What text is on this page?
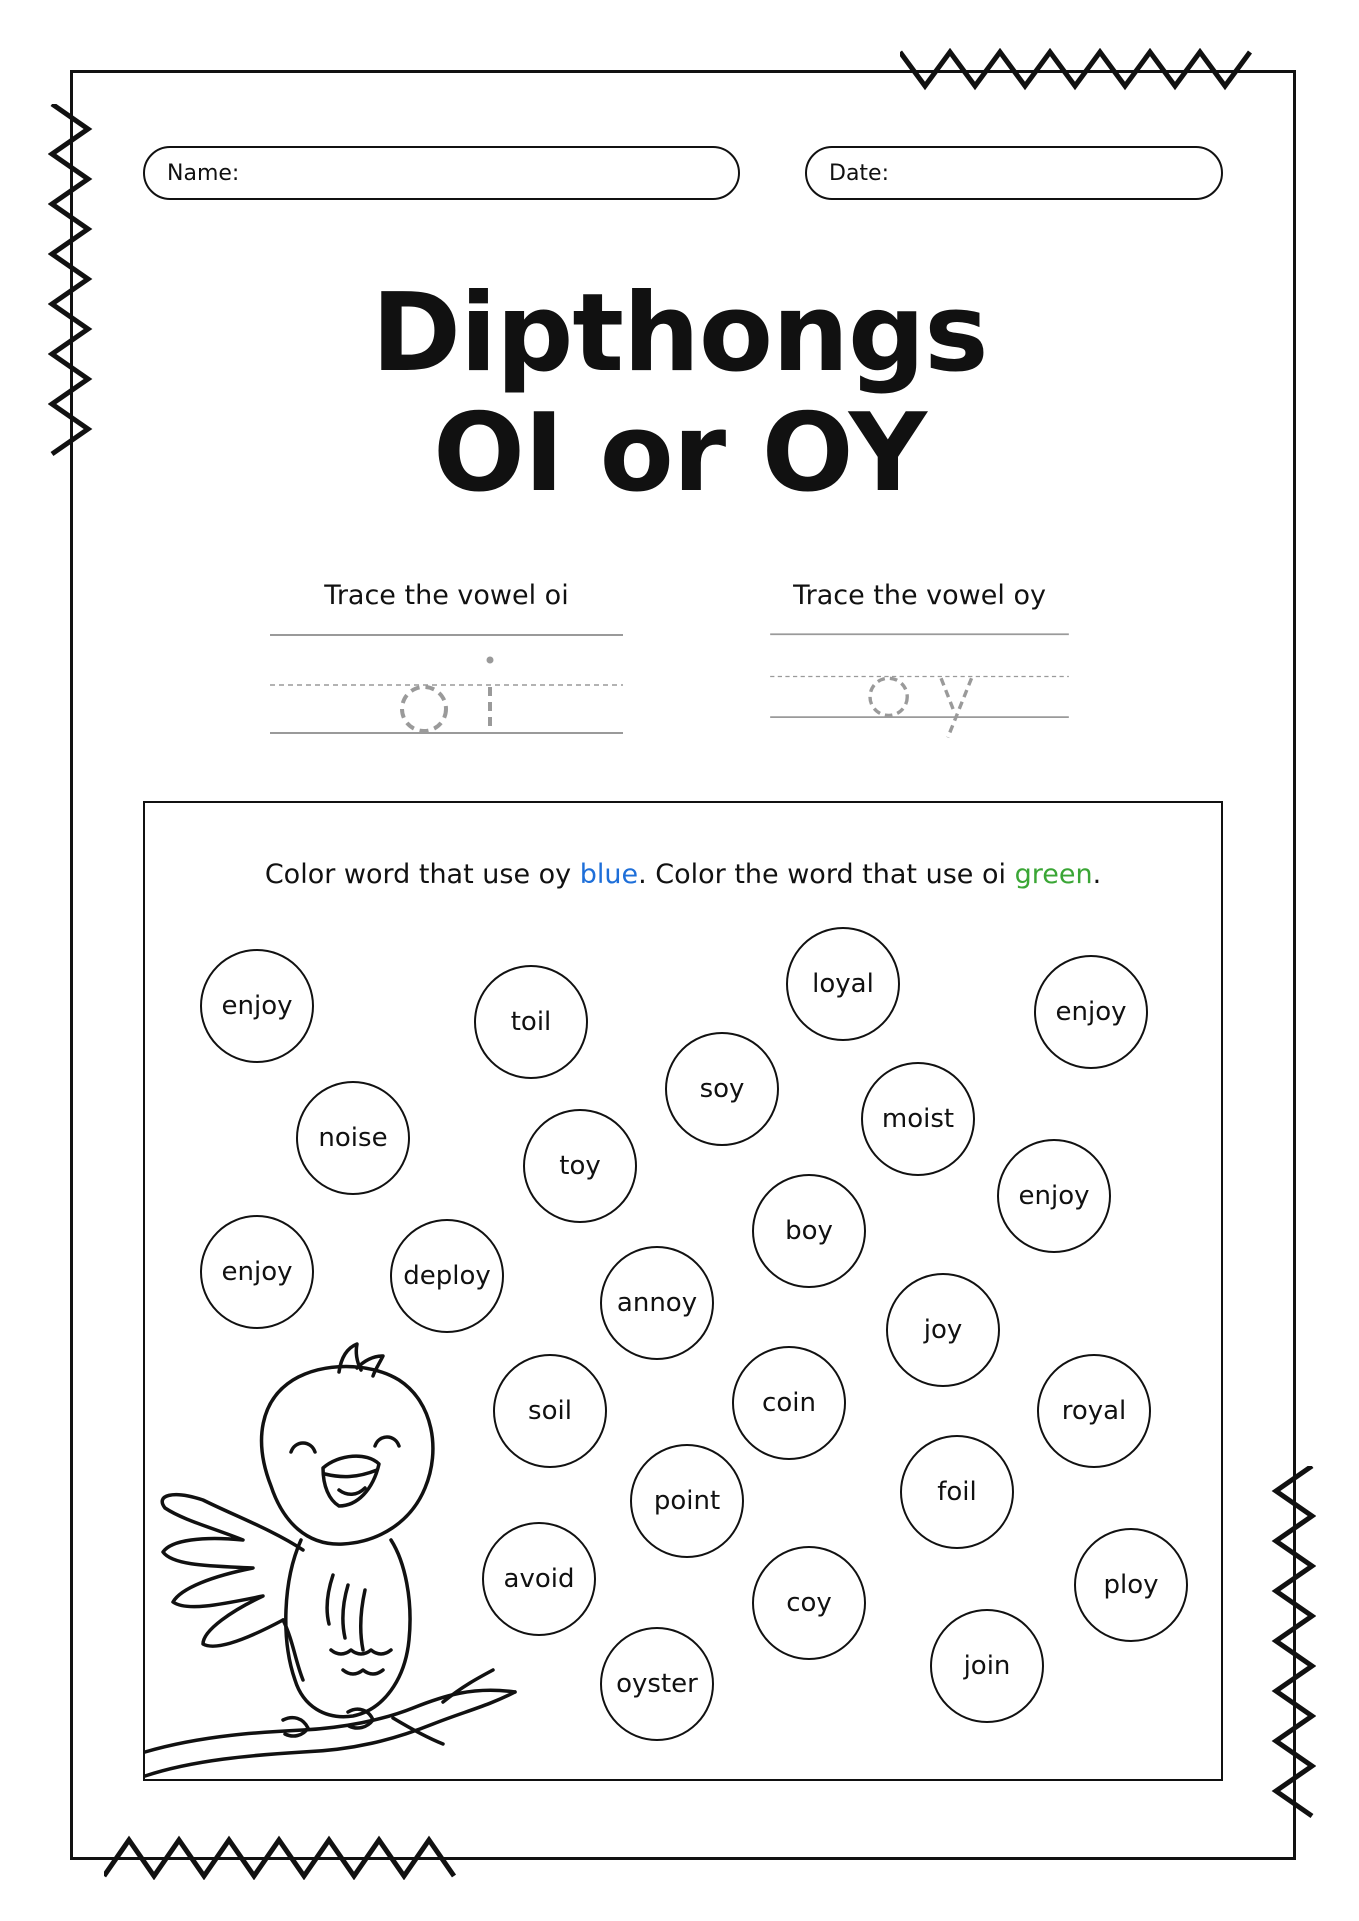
Name:	Date:
Dipthongs
OI or OY
Trace the vowel oi	Trace the vowel oy
Color word that use oy blue. Color the word that use oi green.
enjoy
toil
loyal
enjoy
soy
noise
moist
toy
enjoy
boy
enjoy
deploy
annoy
joy
soil	coin	royal
point	foil
avoid	ploy
coy
join
oyster
